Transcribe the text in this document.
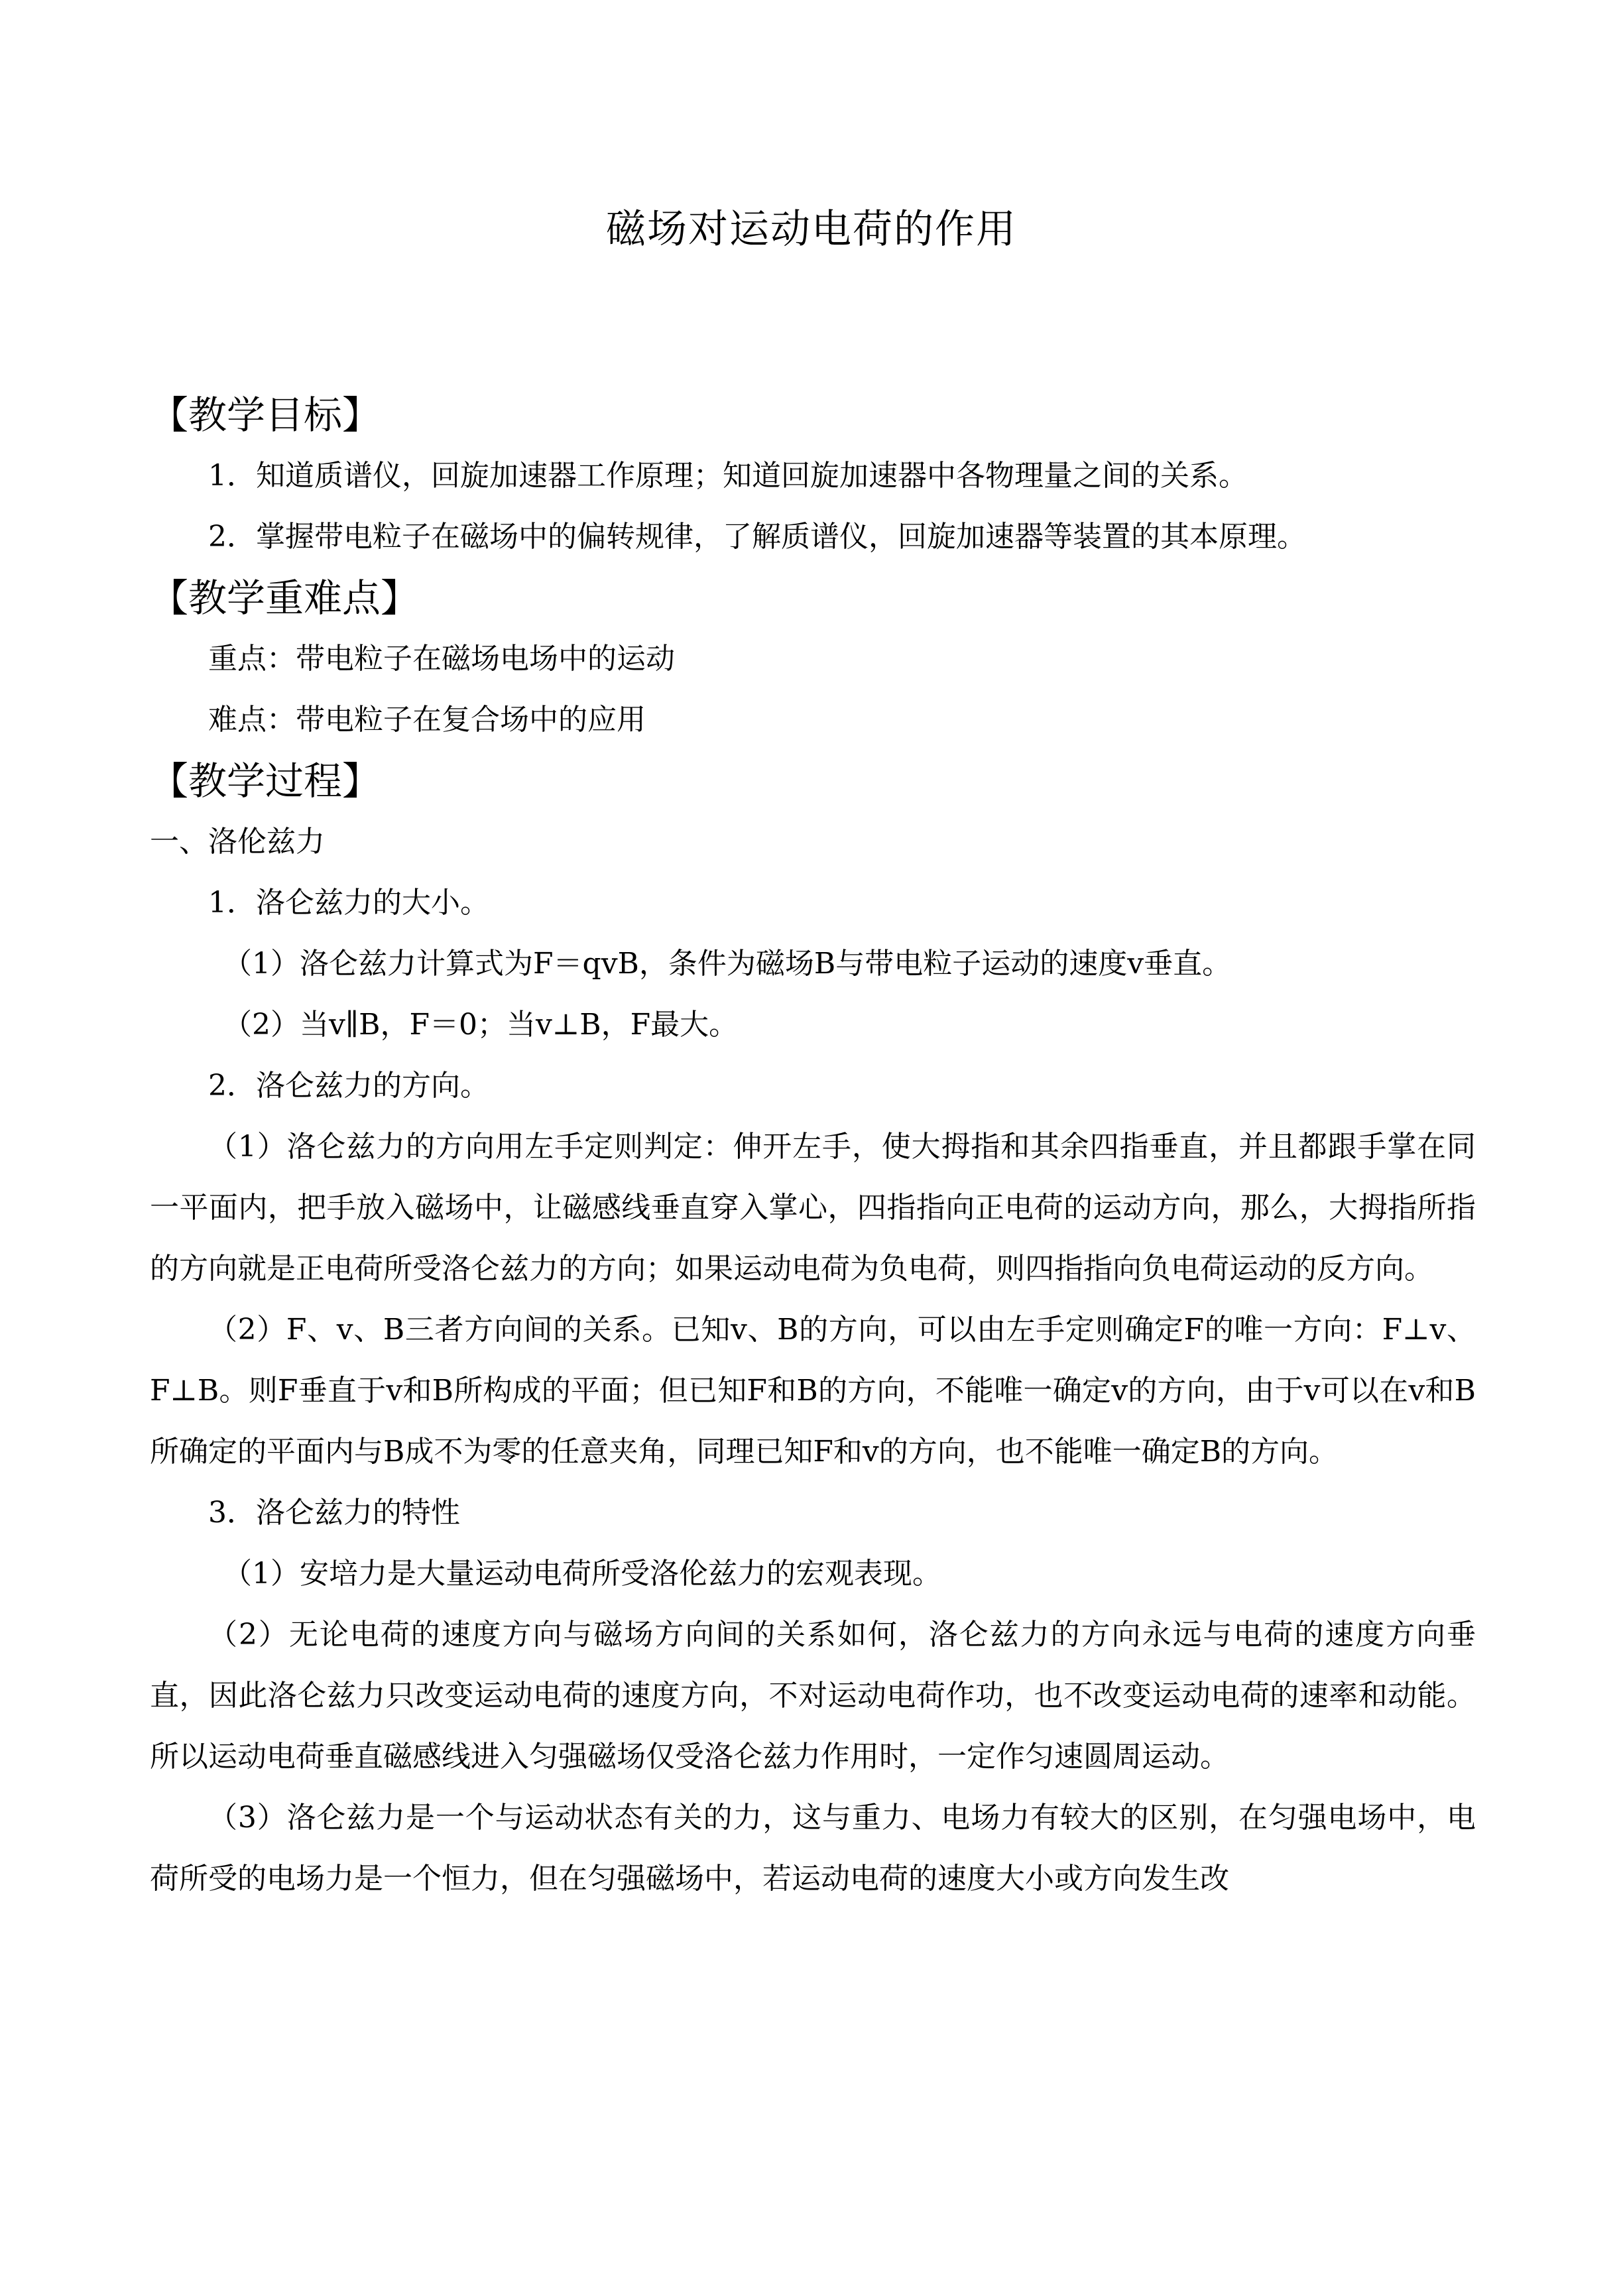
磁场对运动电荷的作用
【教学目标】

1．知道质谱仪，回旋加速器工作原理；知道回旋加速器中各物理量之间的关系。

2．掌握带电粒子在磁场中的偏转规律，了解质谱仪，回旋加速器等装置的其本原理。

【教学重难点】

重点：带电粒子在磁场电场中的运动

难点：带电粒子在复合场中的应用

【教学过程】

一、洛伦兹力

1．洛仑兹力的大小。

（1）洛仑兹力计算式为F＝qvB，条件为磁场B与带电粒子运动的速度v垂直。

（2）当v∥B，F＝0；当v⊥B，F最大。

2．洛仑兹力的方向。

（1）洛仑兹力的方向用左手定则判定：伸开左手，使大拇指和其余四指垂直，并且都跟手掌在同一平面内，把手放入磁场中，让磁感线垂直穿入掌心，四指指向正电荷的运动方向，那么，大拇指所指的方向就是正电荷所受洛仑兹力的方向；如果运动电荷为负电荷，则四指指向负电荷运动的反方向。

（2）F、v、B三者方向间的关系。已知v、B的方向，可以由左手定则确定F的唯一方向：F⊥v、F⊥B。则F垂直于v和B所构成的平面；但已知F和B的方向，不能唯一确定v的方向，由于v可以在v和B所确定的平面内与B成不为零的任意夹角，同理已知F和v的方向，也不能唯一确定B的方向。

3．洛仑兹力的特性

（1）安培力是大量运动电荷所受洛伦兹力的宏观表现。

（2）无论电荷的速度方向与磁场方向间的关系如何，洛仑兹力的方向永远与电荷的速度方向垂直，因此洛仑兹力只改变运动电荷的速度方向，不对运动电荷作功，也不改变运动电荷的速率和动能。所以运动电荷垂直磁感线进入匀强磁场仅受洛仑兹力作用时，一定作匀速圆周运动。

（3）洛仑兹力是一个与运动状态有关的力，这与重力、电场力有较大的区别，在匀强电场中，电荷所受的电场力是一个恒力，但在匀强磁场中，若运动电荷的速度大小或方向发生改
